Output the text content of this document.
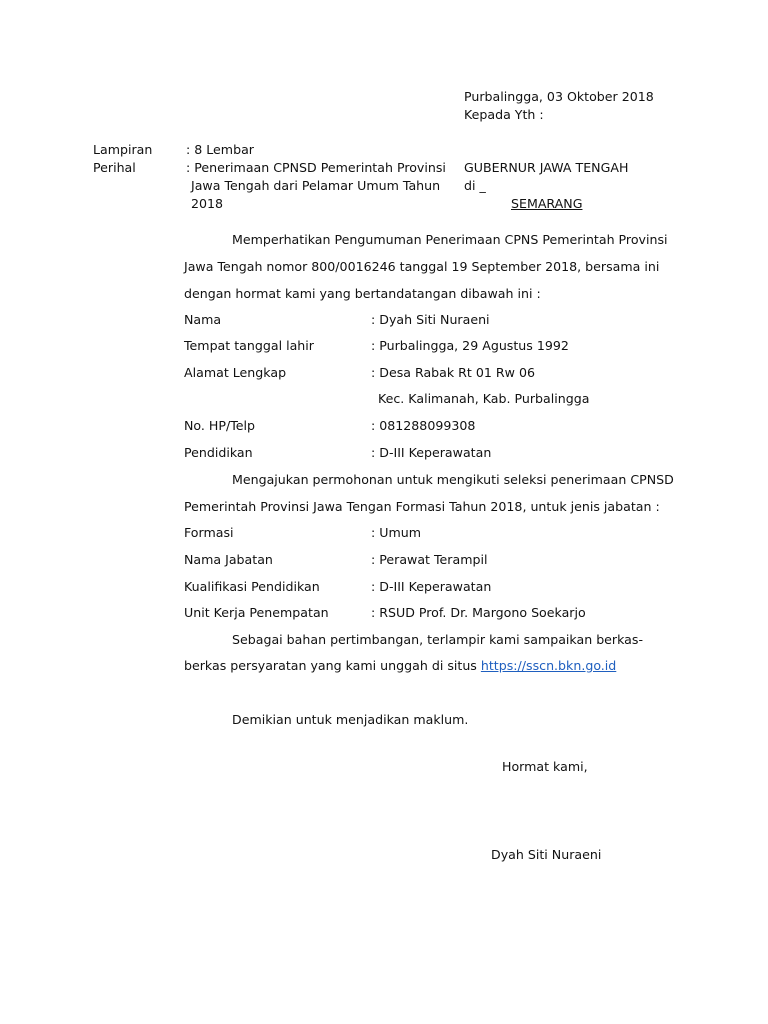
Purbalingga, 03 Oktober 2018
Kepada Yth :
Lampiran	: 8 Lembar
Perihal	: Penerimaan CPNSD Pemerintah Provinsi
Jawa Tengah dari Pelamar Umum Tahun
2018
GUBERNUR JAWA TENGAH
di _
SEMARANG
Memperhatikan Pengumuman Penerimaan CPNS Pemerintah Provinsi
Jawa Tengah nomor 800/0016246 tanggal 19 September 2018, bersama ini
dengan hormat kami yang bertandatangan dibawah ini :
Nama	: Dyah Siti Nuraeni
Tempat tanggal lahir	: Purbalingga, 29 Agustus 1992
Alamat Lengkap	: Desa Rabak Rt 01 Rw 06
Kec. Kalimanah, Kab. Purbalingga
No. HP/Telp	: 081288099308
Pendidikan	: D-III Keperawatan
Mengajukan permohonan untuk mengikuti seleksi penerimaan CPNSD
Pemerintah Provinsi Jawa Tengan Formasi Tahun 2018, untuk jenis jabatan :
Formasi	: Umum
Nama Jabatan	: Perawat Terampil
Kualifikasi Pendidikan	: D-III Keperawatan
Unit Kerja Penempatan	: RSUD Prof. Dr. Margono Soekarjo
Sebagai bahan pertimbangan, terlampir kami sampaikan berkas-
berkas persyaratan yang kami unggah di situs https://sscn.bkn.go.id
Demikian untuk menjadikan maklum.
Hormat kami,
Dyah Siti Nuraeni
